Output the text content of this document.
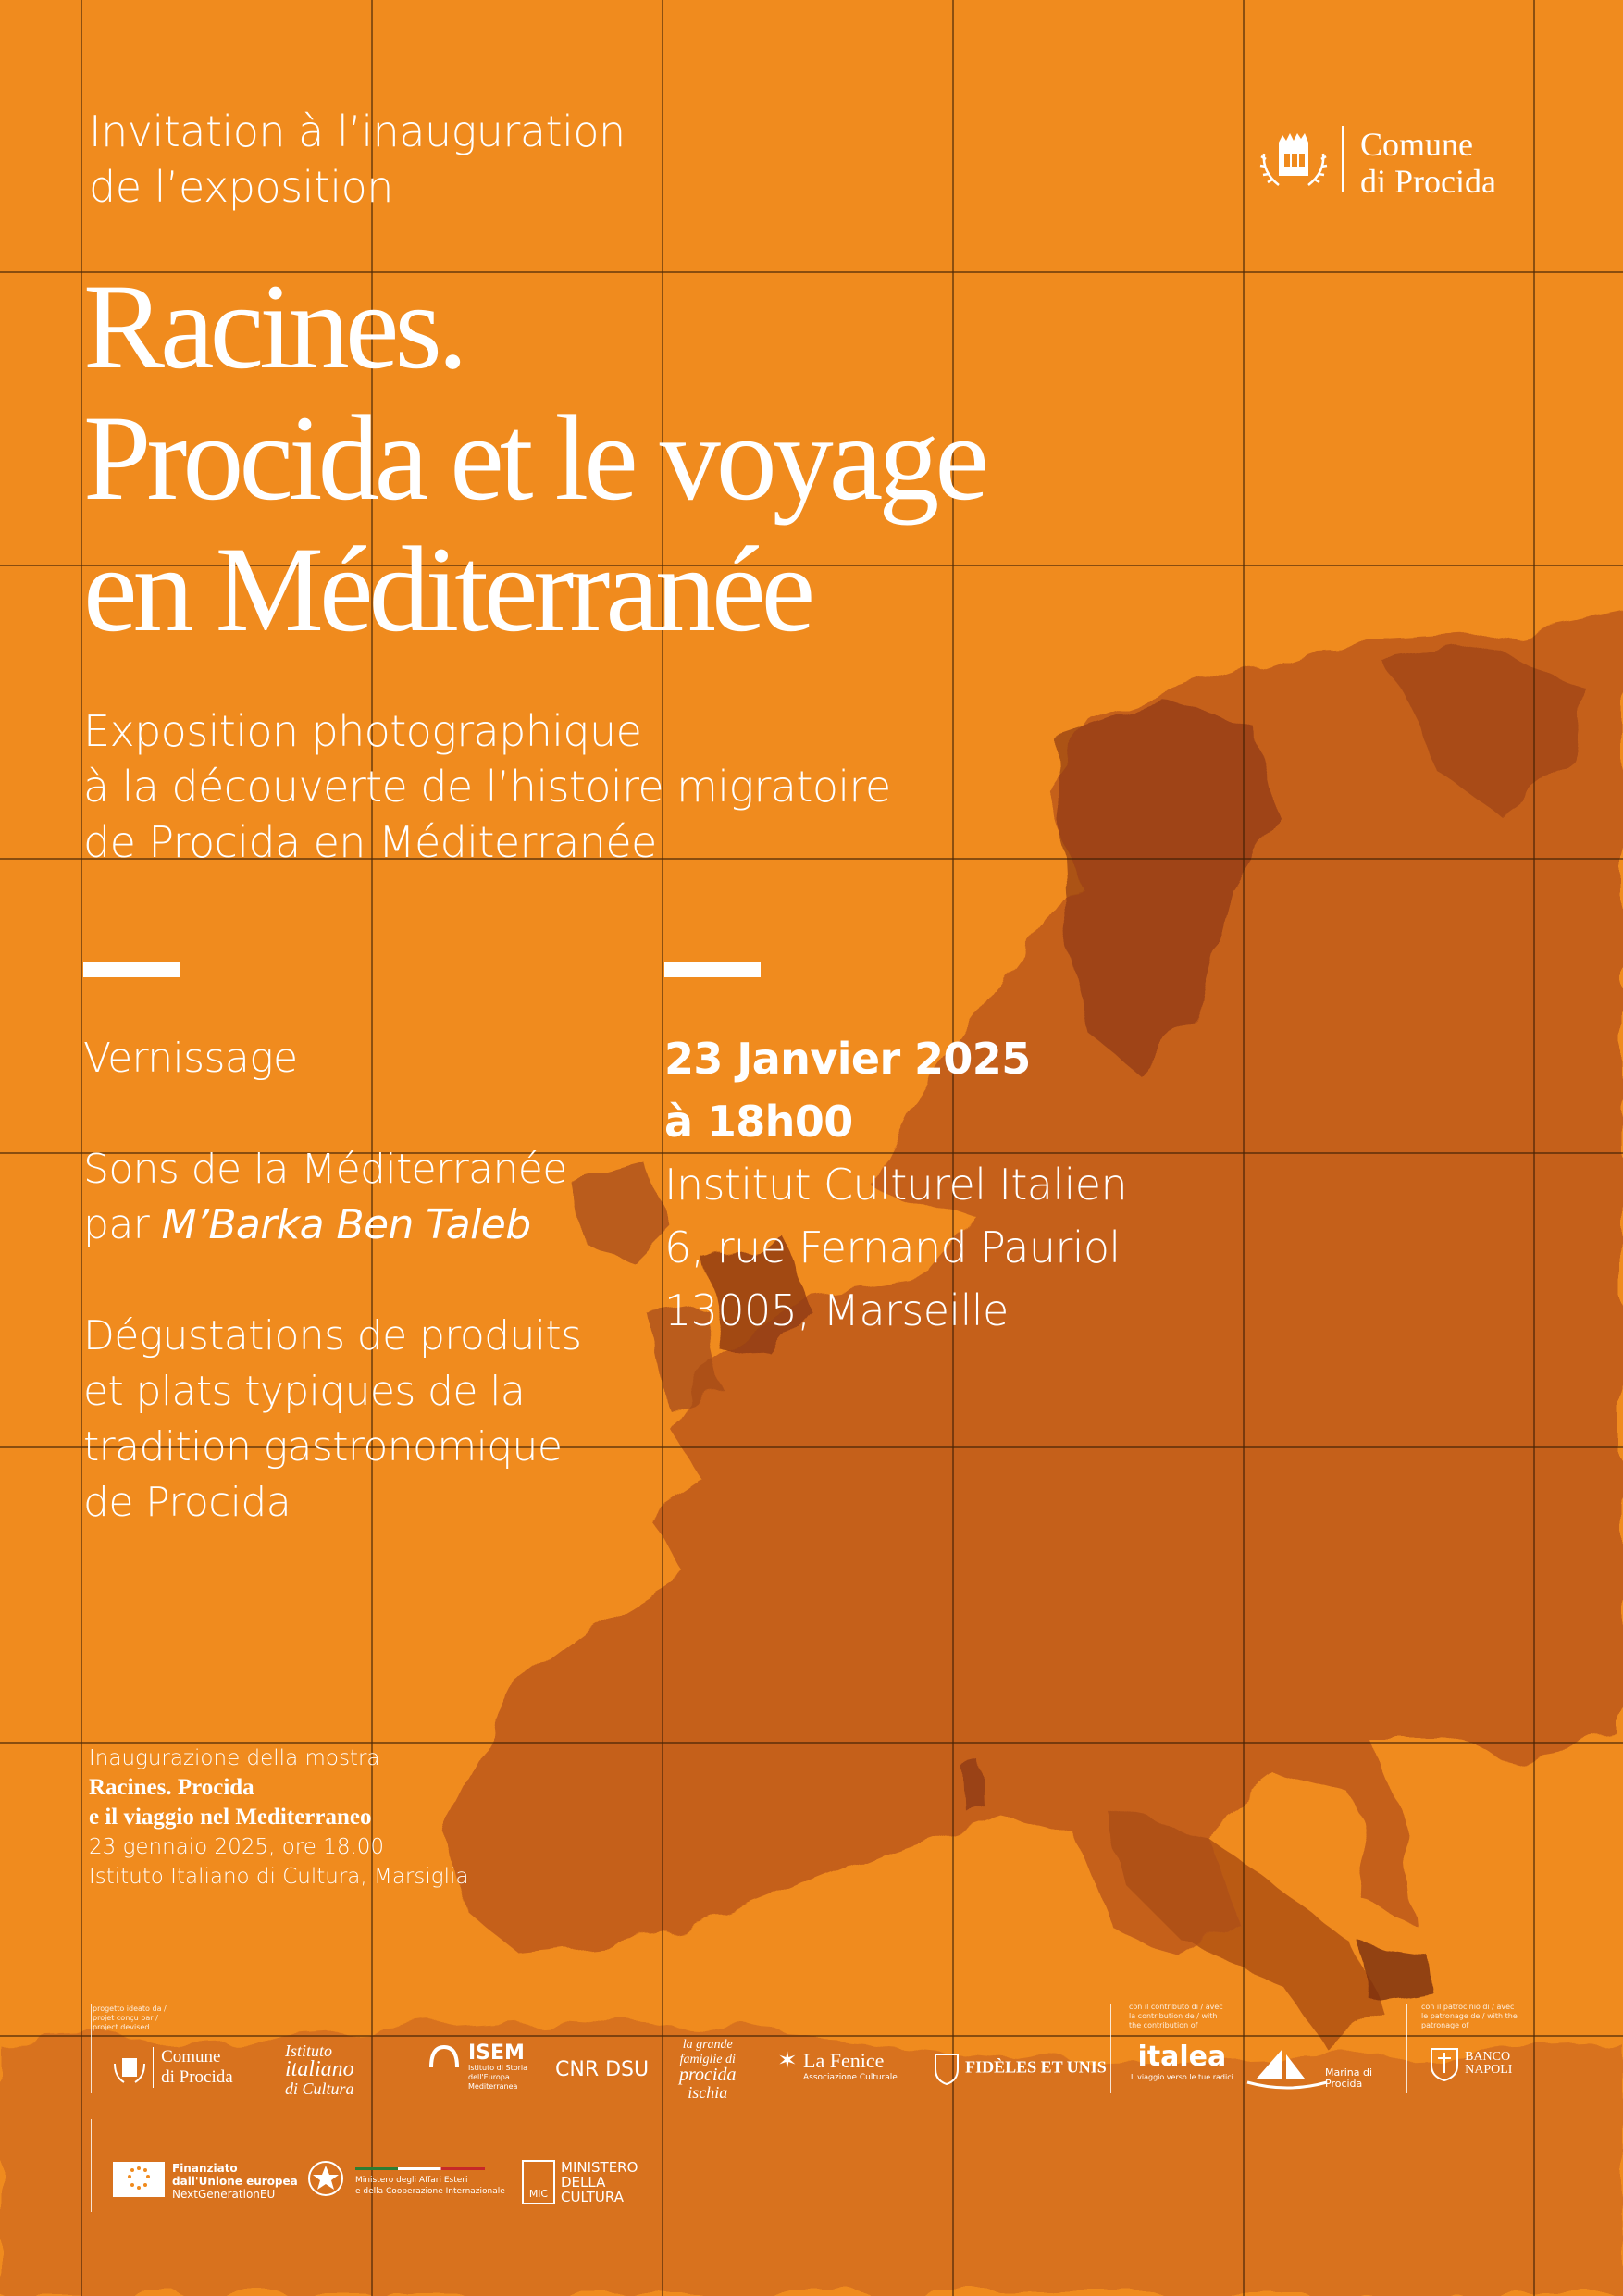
Invitation à l’inauguration
de l’exposition
Comune
di Procida
Racines.
Procida et le voyage
en Méditerranée
Exposition photographique
à la découverte de l’histoire migratoire
de Procida en Méditerranée

Vernissage

Sons de la Méditerranée
par M’Barka Ben Taleb

Dégustations de produits
et plats typiques de la
tradition gastronomique
de Procida

23 Janvier 2025
à 18h00
Institut Culturel Italien
6, rue Fernand Pauriol
13005, Marseille
Inaugurazione della mostra
Racines. Procida
e il viaggio nel Mediterraneo
23 gennaio 2025, ore 18.00
Istituto Italiano di Cultura, Marsiglia
progetto ideato da / projet conçu par / project devised
con il contributo di / avec la contribution de / with the contribution of
con il patrocinio di / avec le patronage de / with the patronage of
Comune
di Procida
Istituto
italiano
di Cultura
ISEM
Istituto di Storia
dell'Europa
Mediterranea
CNR DSU
la grande
famiglie di
procida
ischia
✶ La Fenice
Associazione Culturale
FIDÈLES ET UNIS italea
Il viaggio verso le tue radici	Marina di
Procida
BANCO
NAPOLI
Finanziato
dall'Unione europea
NextGenerationEU
Ministero degli Affari Esteri
e della Cooperazione Internazionale	MiC
MINISTERO
DELLA
CULTURA
